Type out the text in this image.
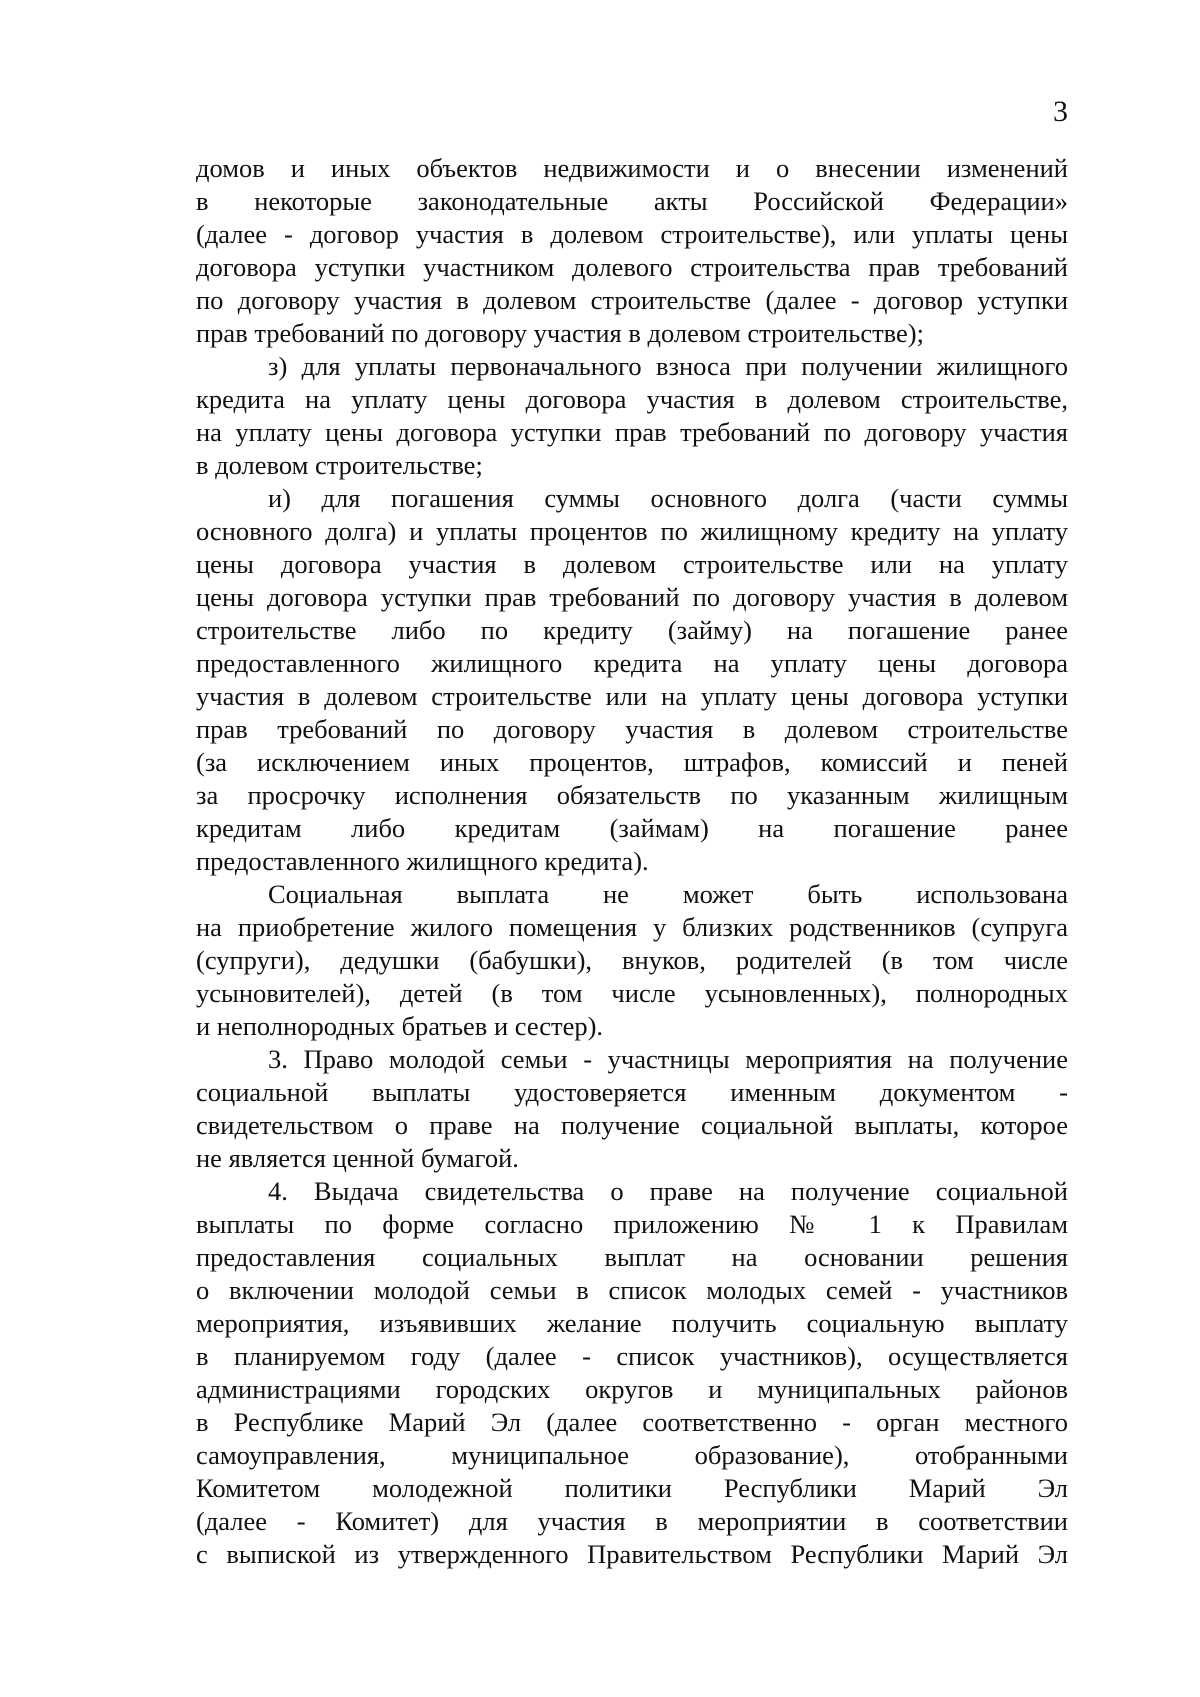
3
домов и иных объектов недвижимости и о внесении изменений
в некоторые законодательные акты Российской Федерации»
(далее - договор участия в долевом строительстве), или уплаты цены
договора уступки участником долевого строительства прав требований
по договору участия в долевом строительстве (далее - договор уступки
прав требований по договору участия в долевом строительстве);
з) для уплаты первоначального взноса при получении жилищного
кредита на уплату цены договора участия в долевом строительстве,
на уплату цены договора уступки прав требований по договору участия
в долевом строительстве;
и) для погашения суммы основного долга (части суммы
основного долга) и уплаты процентов по жилищному кредиту на уплату
цены договора участия в долевом строительстве или на уплату
цены договора уступки прав требований по договору участия в долевом
строительстве либо по кредиту (займу) на погашение ранее
предоставленного жилищного кредита на уплату цены договора
участия в долевом строительстве или на уплату цены договора уступки
прав требований по договору участия в долевом строительстве
(за исключением иных процентов, штрафов, комиссий и пеней
за просрочку исполнения обязательств по указанным жилищным
кредитам либо кредитам (займам) на погашение ранее
предоставленного жилищного кредита).
Социальная выплата не может быть использована
на приобретение жилого помещения у близких родственников (супруга
(супруги), дедушки (бабушки), внуков, родителей (в том числе
усыновителей), детей (в том числе усыновленных), полнородных
и неполнородных братьев и сестер).
3. Право молодой семьи - участницы мероприятия на получение
социальной выплаты удостоверяется именным документом -
свидетельством о праве на получение социальной выплаты, которое
не является ценной бумагой.
4. Выдача свидетельства о праве на получение социальной
выплаты по форме согласно приложению № 1 к Правилам
предоставления социальных выплат на основании решения
о включении молодой семьи в список молодых семей - участников
мероприятия, изъявивших желание получить социальную выплату
в планируемом году (далее - список участников), осуществляется
администрациями городских округов и муниципальных районов
в Республике Марий Эл (далее соответственно - орган местного
самоуправления, муниципальное образование), отобранными
Комитетом молодежной политики Республики Марий Эл
(далее - Комитет) для участия в мероприятии в соответствии
с выпиской из утвержденного Правительством Республики Марий Эл
